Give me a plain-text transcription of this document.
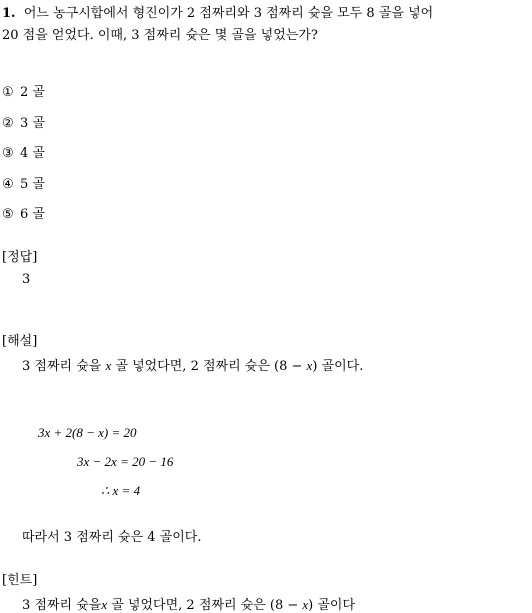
1. 어느 농구시합에서 형진이가 2 점짜리와 3 점짜리 슛을 모두 8 골을 넣어
20 점을 얻었다. 이때, 3 점짜리 슛은 몇 골을 넣었는가?
① 2 골
② 3 골
③ 4 골
④ 5 골
⑤ 6 골
[정답]
3
[해설]
3 점짜리 슛을 x 골 넣었다면, 2 점짜리 슛은 (8 − x) 골이다.
3x + 2(8 − x) = 20
3x − 2x = 20 − 16
∴ x = 4
따라서 3 점짜리 슛은 4 골이다.
[힌트]
3 점짜리 슛을x 골 넣었다면, 2 점짜리 슛은 (8 − x) 골이다
